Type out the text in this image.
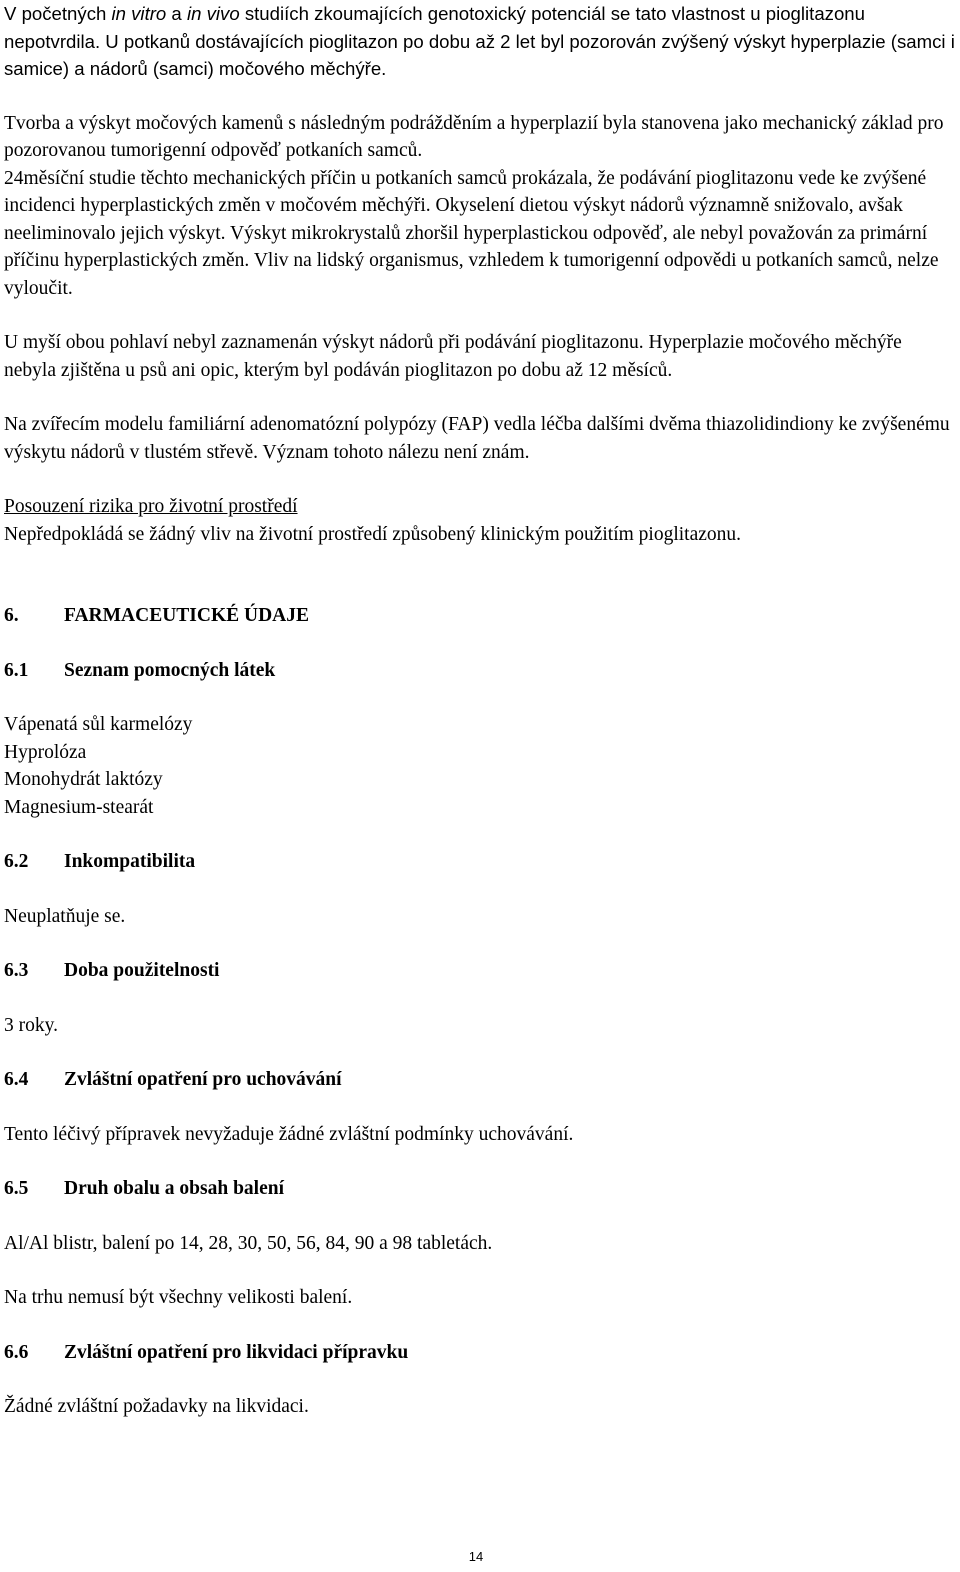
V početných in vitro a in vivo studiích zkoumajících genotoxický potenciál se tato vlastnost u pioglitazonu nepotvrdila. U potkanů dostávajících pioglitazon po dobu až 2 let byl pozorován zvýšený výskyt hyperplazie (samci i samice) a nádorů (samci) močového měchýře.

Tvorba a výskyt močových kamenů s následným podrážděním a hyperplazií byla stanovena jako mechanický základ pro pozorovanou tumorigenní odpověď potkaních samců.

24měsíční studie těchto mechanických příčin u potkaních samců prokázala, že podávání pioglitazonu vede ke zvýšené incidenci hyperplastických změn v močovém měchýři. Okyselení dietou výskyt nádorů významně snižovalo, avšak neeliminovalo jejich výskyt. Výskyt mikrokrystalů zhoršil hyperplastickou odpověď, ale nebyl považován za primární příčinu hyperplastických změn. Vliv na lidský organismus, vzhledem k tumorigenní odpovědi u potkaních samců, nelze vyloučit.

U myší obou pohlaví nebyl zaznamenán výskyt nádorů při podávání pioglitazonu. Hyperplazie močového měchýře nebyla zjištěna u psů ani opic, kterým byl podáván pioglitazon po dobu až 12 měsíců.

Na zvířecím modelu familiární adenomatózní polypózy (FAP) vedla léčba dalšími dvěma thiazolidindiony ke zvýšenému výskytu nádorů v tlustém střevě. Význam tohoto nálezu není znám.

Posouzení rizika pro životní prostředí

Nepředpokládá se žádný vliv na životní prostředí způsobený klinickým použitím pioglitazonu.

6.	FARMACEUTICKÉ ÚDAJE
6.1	Seznam pomocných látek

Vápenatá sůl karmelózy

Hyprolóza

Monohydrát laktózy

Magnesium-stearát

6.2	Inkompatibilita

Neuplatňuje se.

6.3	Doba použitelnosti

3 roky.

6.4	Zvláštní opatření pro uchovávání

Tento léčivý přípravek nevyžaduje žádné zvláštní podmínky uchovávání.

6.5	Druh obalu a obsah balení

Al/Al blistr, balení po 14, 28, 30, 50, 56, 84, 90 a 98 tabletách.

Na trhu nemusí být všechny velikosti balení.

6.6	Zvláštní opatření pro likvidaci přípravku

Žádné zvláštní požadavky na likvidaci.

14
